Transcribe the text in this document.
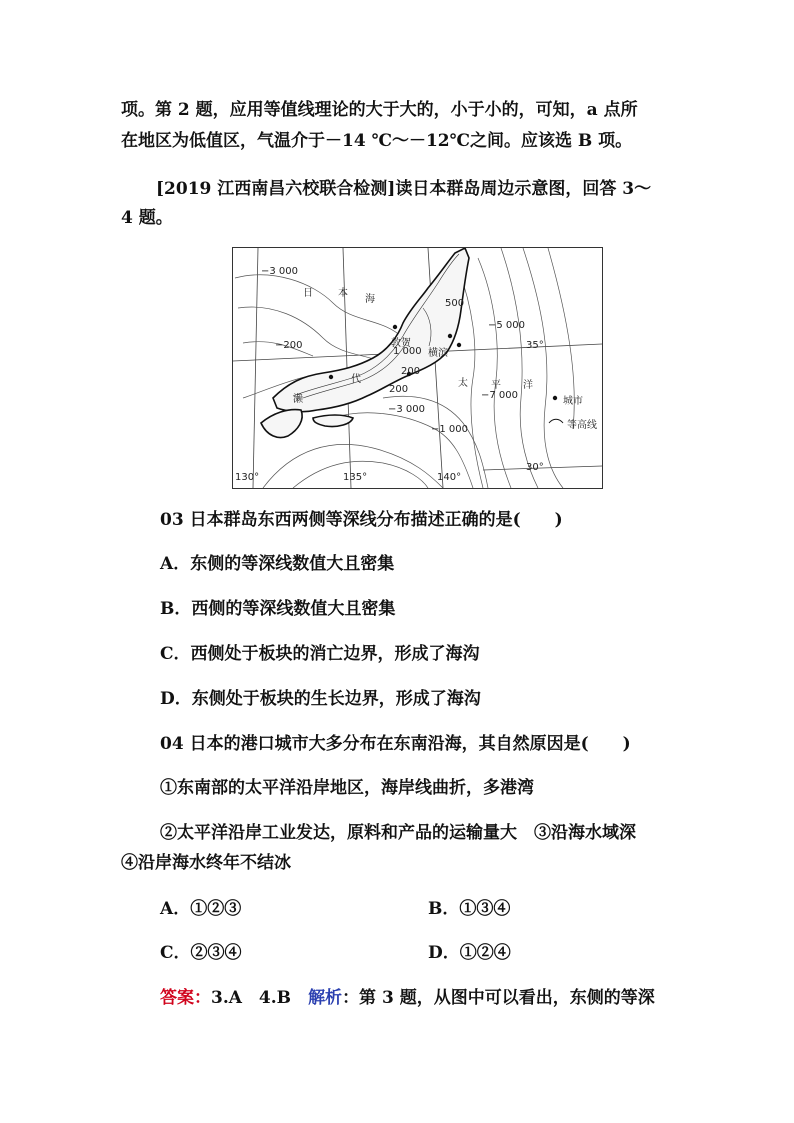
项。第 2 题，应用等值线理论的大于大的，小于小的，可知，a 点所
在地区为低值区，气温介于－14 ℃～－12℃之间。应该选 B 项。
[2019 江西南昌六校联合检测]读日本群岛周边示意图，回答 3～
4 题。
−3 000
日	本
海	500
−5 000
35°
−200	敦贺
1 000 横滨
200
200
太 平 洋
−7 000
城市
等高线
−3 000
−1 000
濑
代
130°	135°	140°
30°
03 日本群岛东西两侧等深线分布描述正确的是(　　)
A．东侧的等深线数值大且密集
B．西侧的等深线数值大且密集
C．西侧处于板块的消亡边界，形成了海沟
D．东侧处于板块的生长边界，形成了海沟
04 日本的港口城市大多分布在东南沿海，其自然原因是(　　)
①东南部的太平洋沿岸地区，海岸线曲折，多港湾
②太平洋沿岸工业发达，原料和产品的运输量大　③沿海水域深
④沿岸海水终年不结冰
A．①②③	B．①③④
C．②③④	D．①②④
答案：3.A　4.B　 解析：第 3 题，从图中可以看出，东侧的等深
